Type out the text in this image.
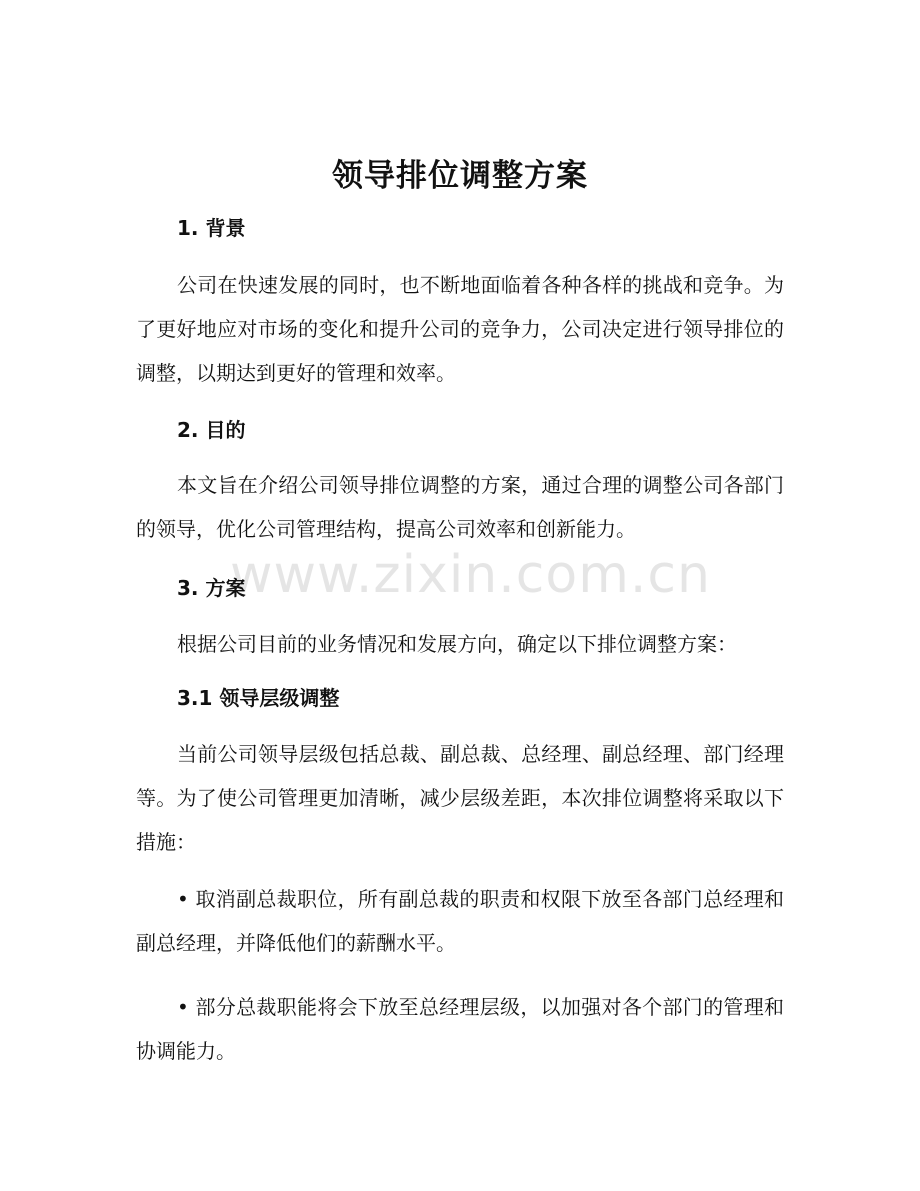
www.zixin.com.cn
领导排位调整方案
1. 背景
公司在快速发展的同时，也不断地面临着各种各样的挑战和竞争。为了更好地应对市场的变化和提升公司的竞争力，公司决定进行领导排位的调整，以期达到更好的管理和效率。
2. 目的
本文旨在介绍公司领导排位调整的方案，通过合理的调整公司各部门的领导，优化公司管理结构，提高公司效率和创新能力。
3. 方案
根据公司目前的业务情况和发展方向，确定以下排位调整方案：
3.1 领导层级调整
当前公司领导层级包括总裁、副总裁、总经理、副总经理、部门经理等。为了使公司管理更加清晰，减少层级差距，本次排位调整将采取以下措施：
• 取消副总裁职位，所有副总裁的职责和权限下放至各部门总经理和副总经理，并降低他们的薪酬水平。
• 部分总裁职能将会下放至总经理层级，以加强对各个部门的管理和协调能力。
